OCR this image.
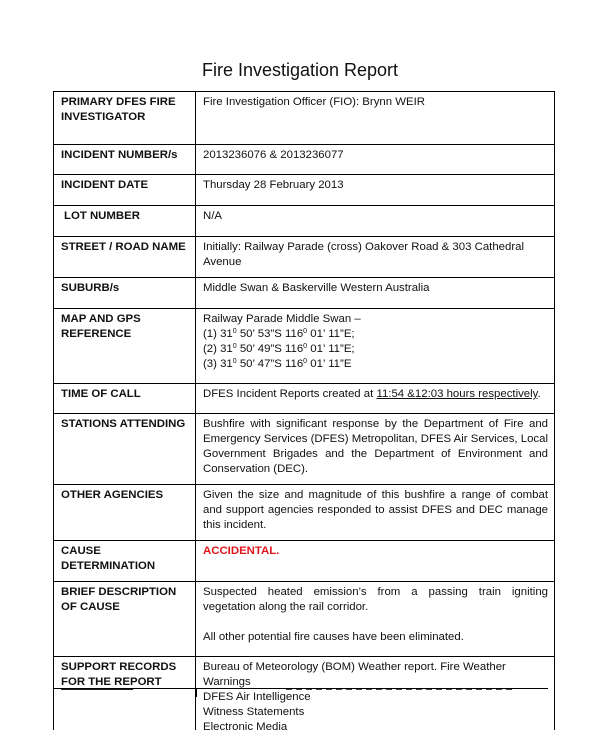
Fire Investigation Report
PRIMARY DFES FIRE INVESTIGATOR	Fire Investigation Officer (FIO): Brynn WEIR
INCIDENT NUMBER/s	2013236076 & 2013236077
INCIDENT DATE	Thursday 28 February 2013
LOT NUMBER	N/A
STREET / ROAD NAME	Initially: Railway Parade (cross) Oakover Road & 303 Cathedral Avenue
SUBURB/s	Middle Swan & Baskerville Western Australia
MAP AND GPS REFERENCE	Railway Parade Middle Swan –
(1) $31^0$ 50’ 53”S $116^0$ 01’ 11”E;
(2) $31^0$ 50’ 49”S $116^0$ 01’ 11”E;
(3) $31^0$ 50’ 47”S $116^0$ 01’ 11”E

TIME OF CALL	DFES Incident Reports created at 11:54 &12:03 hours respectively.
STATIONS ATTENDING	Bushfire with significant response by the Department of Fire and Emergency Services (DFES) Metropolitan, DFES Air Services, Local Government Brigades and the Department of Environment and Conservation (DEC).
OTHER AGENCIES	Given the size and magnitude of this bushfire a range of combat and support agencies responded to assist DFES and DEC manage this incident.
CAUSE DETERMINATION	ACCIDENTAL.
BRIEF DESCRIPTION OF CAUSE	Suspected heated emission’s from a passing train igniting vegetation along the rail corridor.
All other potential fire causes have been eliminated.

SUPPORT RECORDS FOR THE REPORT	Bureau of Meteorology (BOM) Weather report. Fire Weather Warnings
DFES Air Intelligence
Witness Statements
Electronic Media
